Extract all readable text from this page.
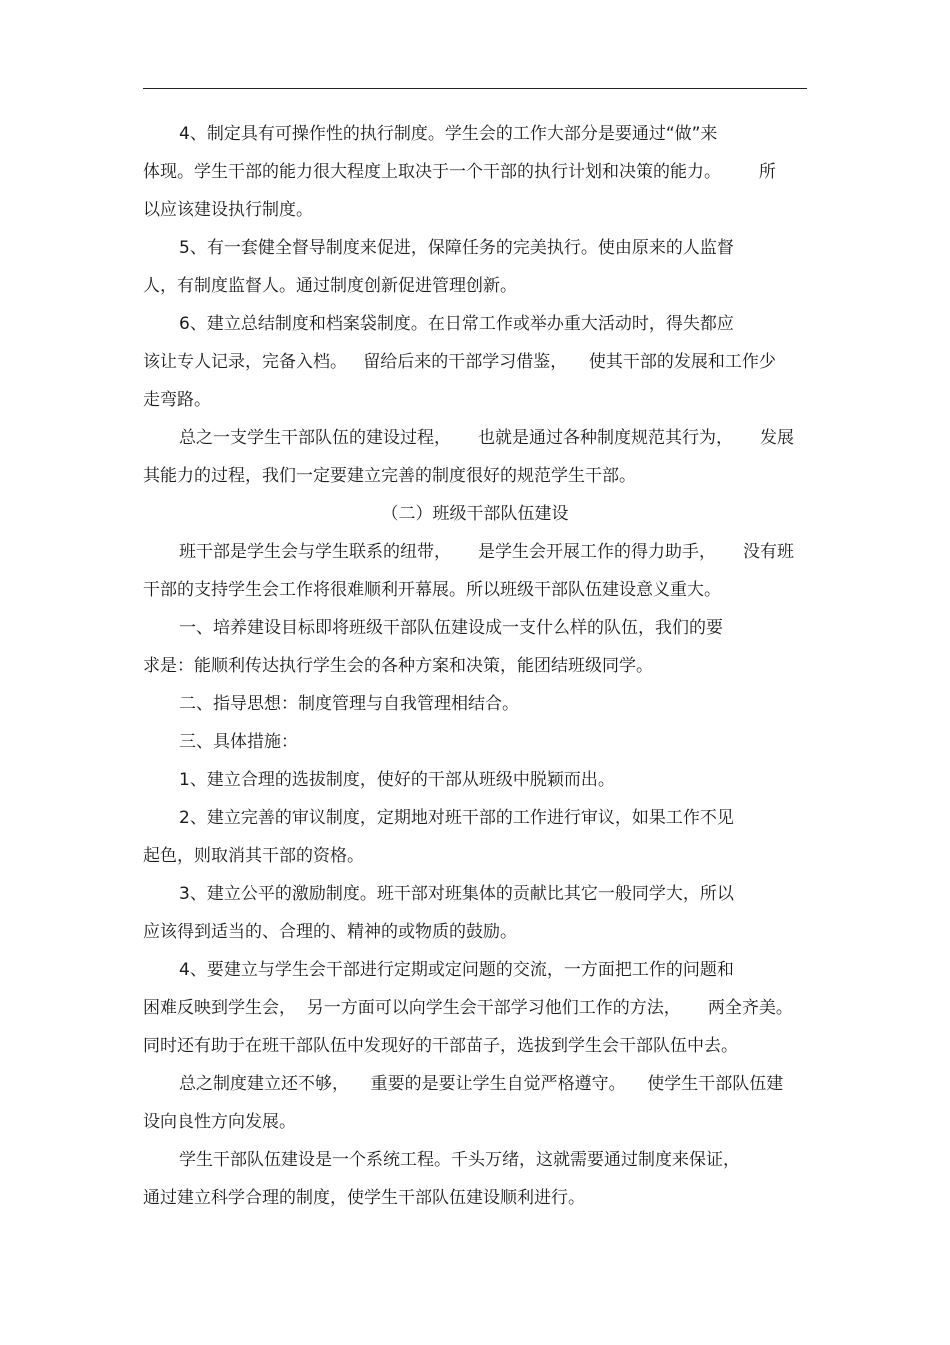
4、制定具有可操作性的执行制度。学生会的工作大部分是要通过“做”来
体现。学生干部的能力很大程度上取决于一个干部的执行计划和决策的能力。       所
以应该建设执行制度。
5、有一套健全督导制度来促进，保障任务的完美执行。使由原来的人监督
人，有制度监督人。通过制度创新促进管理创新。
6、建立总结制度和档案袋制度。在日常工作或举办重大活动时，得失都应
该让专人记录，完备入档。   留给后来的干部学习借鉴，    使其干部的发展和工作少
走弯路。
总之一支学生干部队伍的建设过程，     也就是通过各种制度规范其行为，     发展
其能力的过程，我们一定要建立完善的制度很好的规范学生干部。
（二）班级干部队伍建设
班干部是学生会与学生联系的纽带，     是学生会开展工作的得力助手，     没有班
干部的支持学生会工作将很难顺利开幕展。所以班级干部队伍建设意义重大。
一、培养建设目标即将班级干部队伍建设成一支什么样的队伍，我们的要
求是：能顺利传达执行学生会的各种方案和决策，能团结班级同学。
二、指导思想：制度管理与自我管理相结合。
三、具体措施：
1、建立合理的选拔制度，使好的干部从班级中脱颖而出。
2、建立完善的审议制度，定期地对班干部的工作进行审议，如果工作不见
起色，则取消其干部的资格。
3、建立公平的激励制度。班干部对班集体的贡献比其它一般同学大，所以
应该得到适当的、合理的、精神的或物质的鼓励。
4、要建立与学生会干部进行定期或定问题的交流，一方面把工作的问题和
困难反映到学生会，  另一方面可以向学生会干部学习他们工作的方法，     两全齐美。
同时还有助于在班干部队伍中发现好的干部苗子，选拔到学生会干部队伍中去。
总之制度建立还不够，    重要的是要让学生自觉严格遵守。    使学生干部队伍建
设向良性方向发展。
学生干部队伍建设是一个系统工程。千头万绪，这就需要通过制度来保证，
通过建立科学合理的制度，使学生干部队伍建设顺利进行。
